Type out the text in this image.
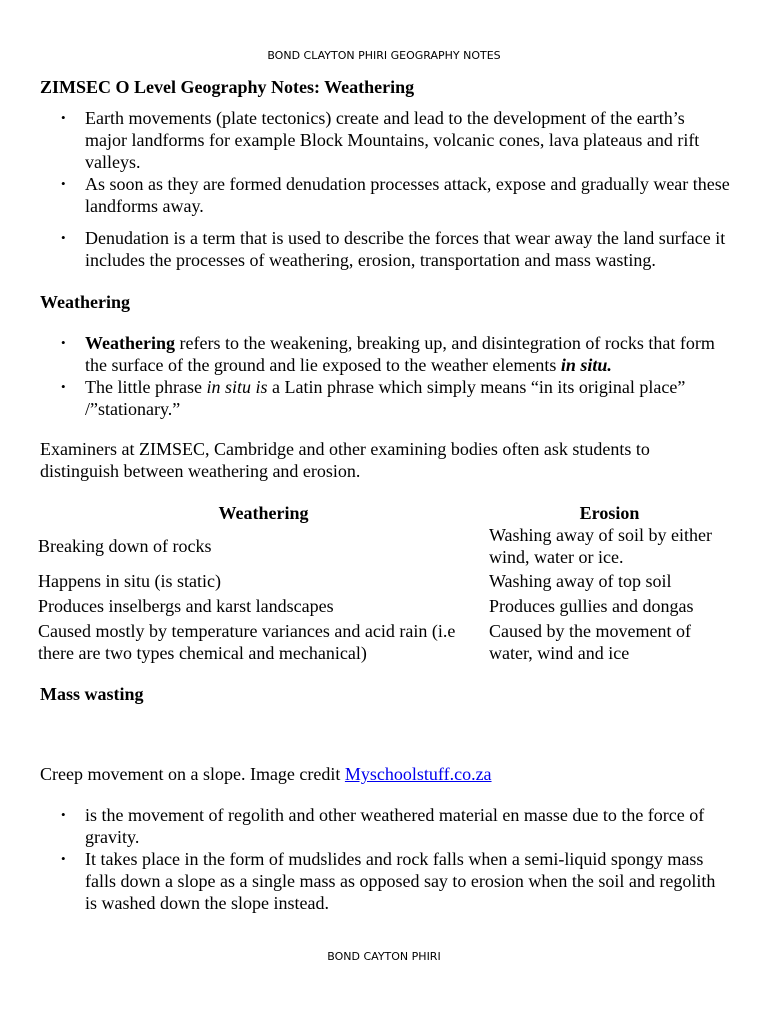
BOND CLAYTON PHIRI GEOGRAPHY NOTES
ZIMSEC O Level Geography Notes: Weathering
• Earth movements (plate tectonics) create and lead to the development of the earth’s major landforms for example Block Mountains, volcanic cones, lava plateaus and rift valleys.
• As soon as they are formed denudation processes attack, expose and gradually wear these landforms away.
• Denudation is a term that is used to describe the forces that wear away the land surface it includes the processes of weathering, erosion, transportation and mass wasting.
Weathering
• Weathering refers to the weakening, breaking up, and disintegration of rocks that form the surface of the ground and lie exposed to the weather elements in situ.
• The little phrase in situ is a Latin phrase which simply means “in its original place” /”stationary.”

Examiners at ZIMSEC, Cambridge and other examining bodies often ask students to distinguish between weathering and erosion.

Weathering	Erosion
Breaking down of rocks	Washing away of soil by either wind, water or ice.
Happens in situ (is static)	Washing away of top soil
Produces inselbergs and karst landscapes	Produces gullies and dongas
Caused mostly by temperature variances and acid rain (i.e there are two types chemical and mechanical)	Caused by the movement of water, wind and ice
Mass wasting

Creep movement on a slope. Image credit Myschoolstuff.co.za

• is the movement of regolith and other weathered material en masse due to the force of gravity.
• It takes place in the form of mudslides and rock falls when a semi-liquid spongy mass falls down a slope as a single mass as opposed say to erosion when the soil and regolith is washed down the slope instead.
BOND CAYTON PHIRI
